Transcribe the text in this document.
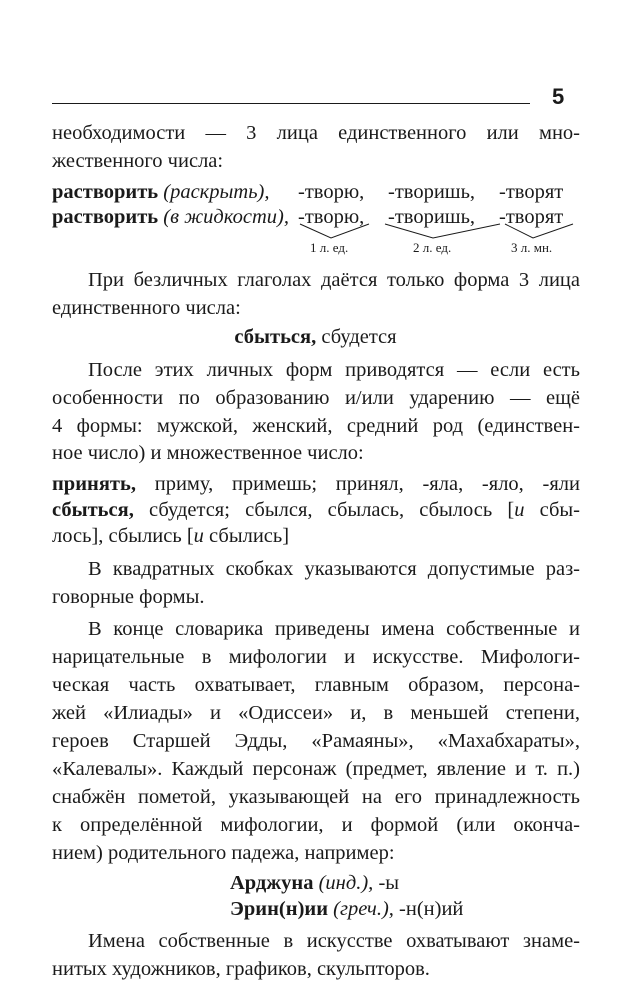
5
необходимости — 3 лица единственного или мно-
жественного числа:
растворить (раскрыть), -творю, -творишь, -творят
растворить (в жидкости), -творю, -творишь, -творят
1 л. ед.	2 л. ед.	3 л. мн.
При безличных глаголах даётся только форма 3 лица
единственного числа:
сбыться, сбудется
После этих личных форм приводятся — если есть
особенности по образованию и/или ударению — ещё
4 формы: мужской, женский, средний род (единствен-
ное число) и множественное число:
принять, приму, примешь; принял, -яла, -яло, -яли
сбыться, сбудется; сбылся, сбылась, сбылось [и сбы-
лось], сбылись [и сбылись]
В квадратных скобках указываются допустимые раз-
говорные формы.
В конце словарика приведены имена собственные и
нарицательные в мифологии и искусстве. Мифологи-
ческая часть охватывает, главным образом, персона-
жей «Илиады» и «Одиссеи» и, в меньшей степени,
героев Старшей Эдды, «Рамаяны», «Махабхараты»,
«Калевалы». Каждый персонаж (предмет, явление и т. п.)
снабжён пометой, указывающей на его принадлежность
к определённой мифологии, и формой (или оконча-
нием) родительного падежа, например:
Арджуна (инд.), -ы
Эрин(н)ии (греч.), -н(н)ий
Имена собственные в искусстве охватывают знаме-
нитых художников, графиков, скульпторов.
